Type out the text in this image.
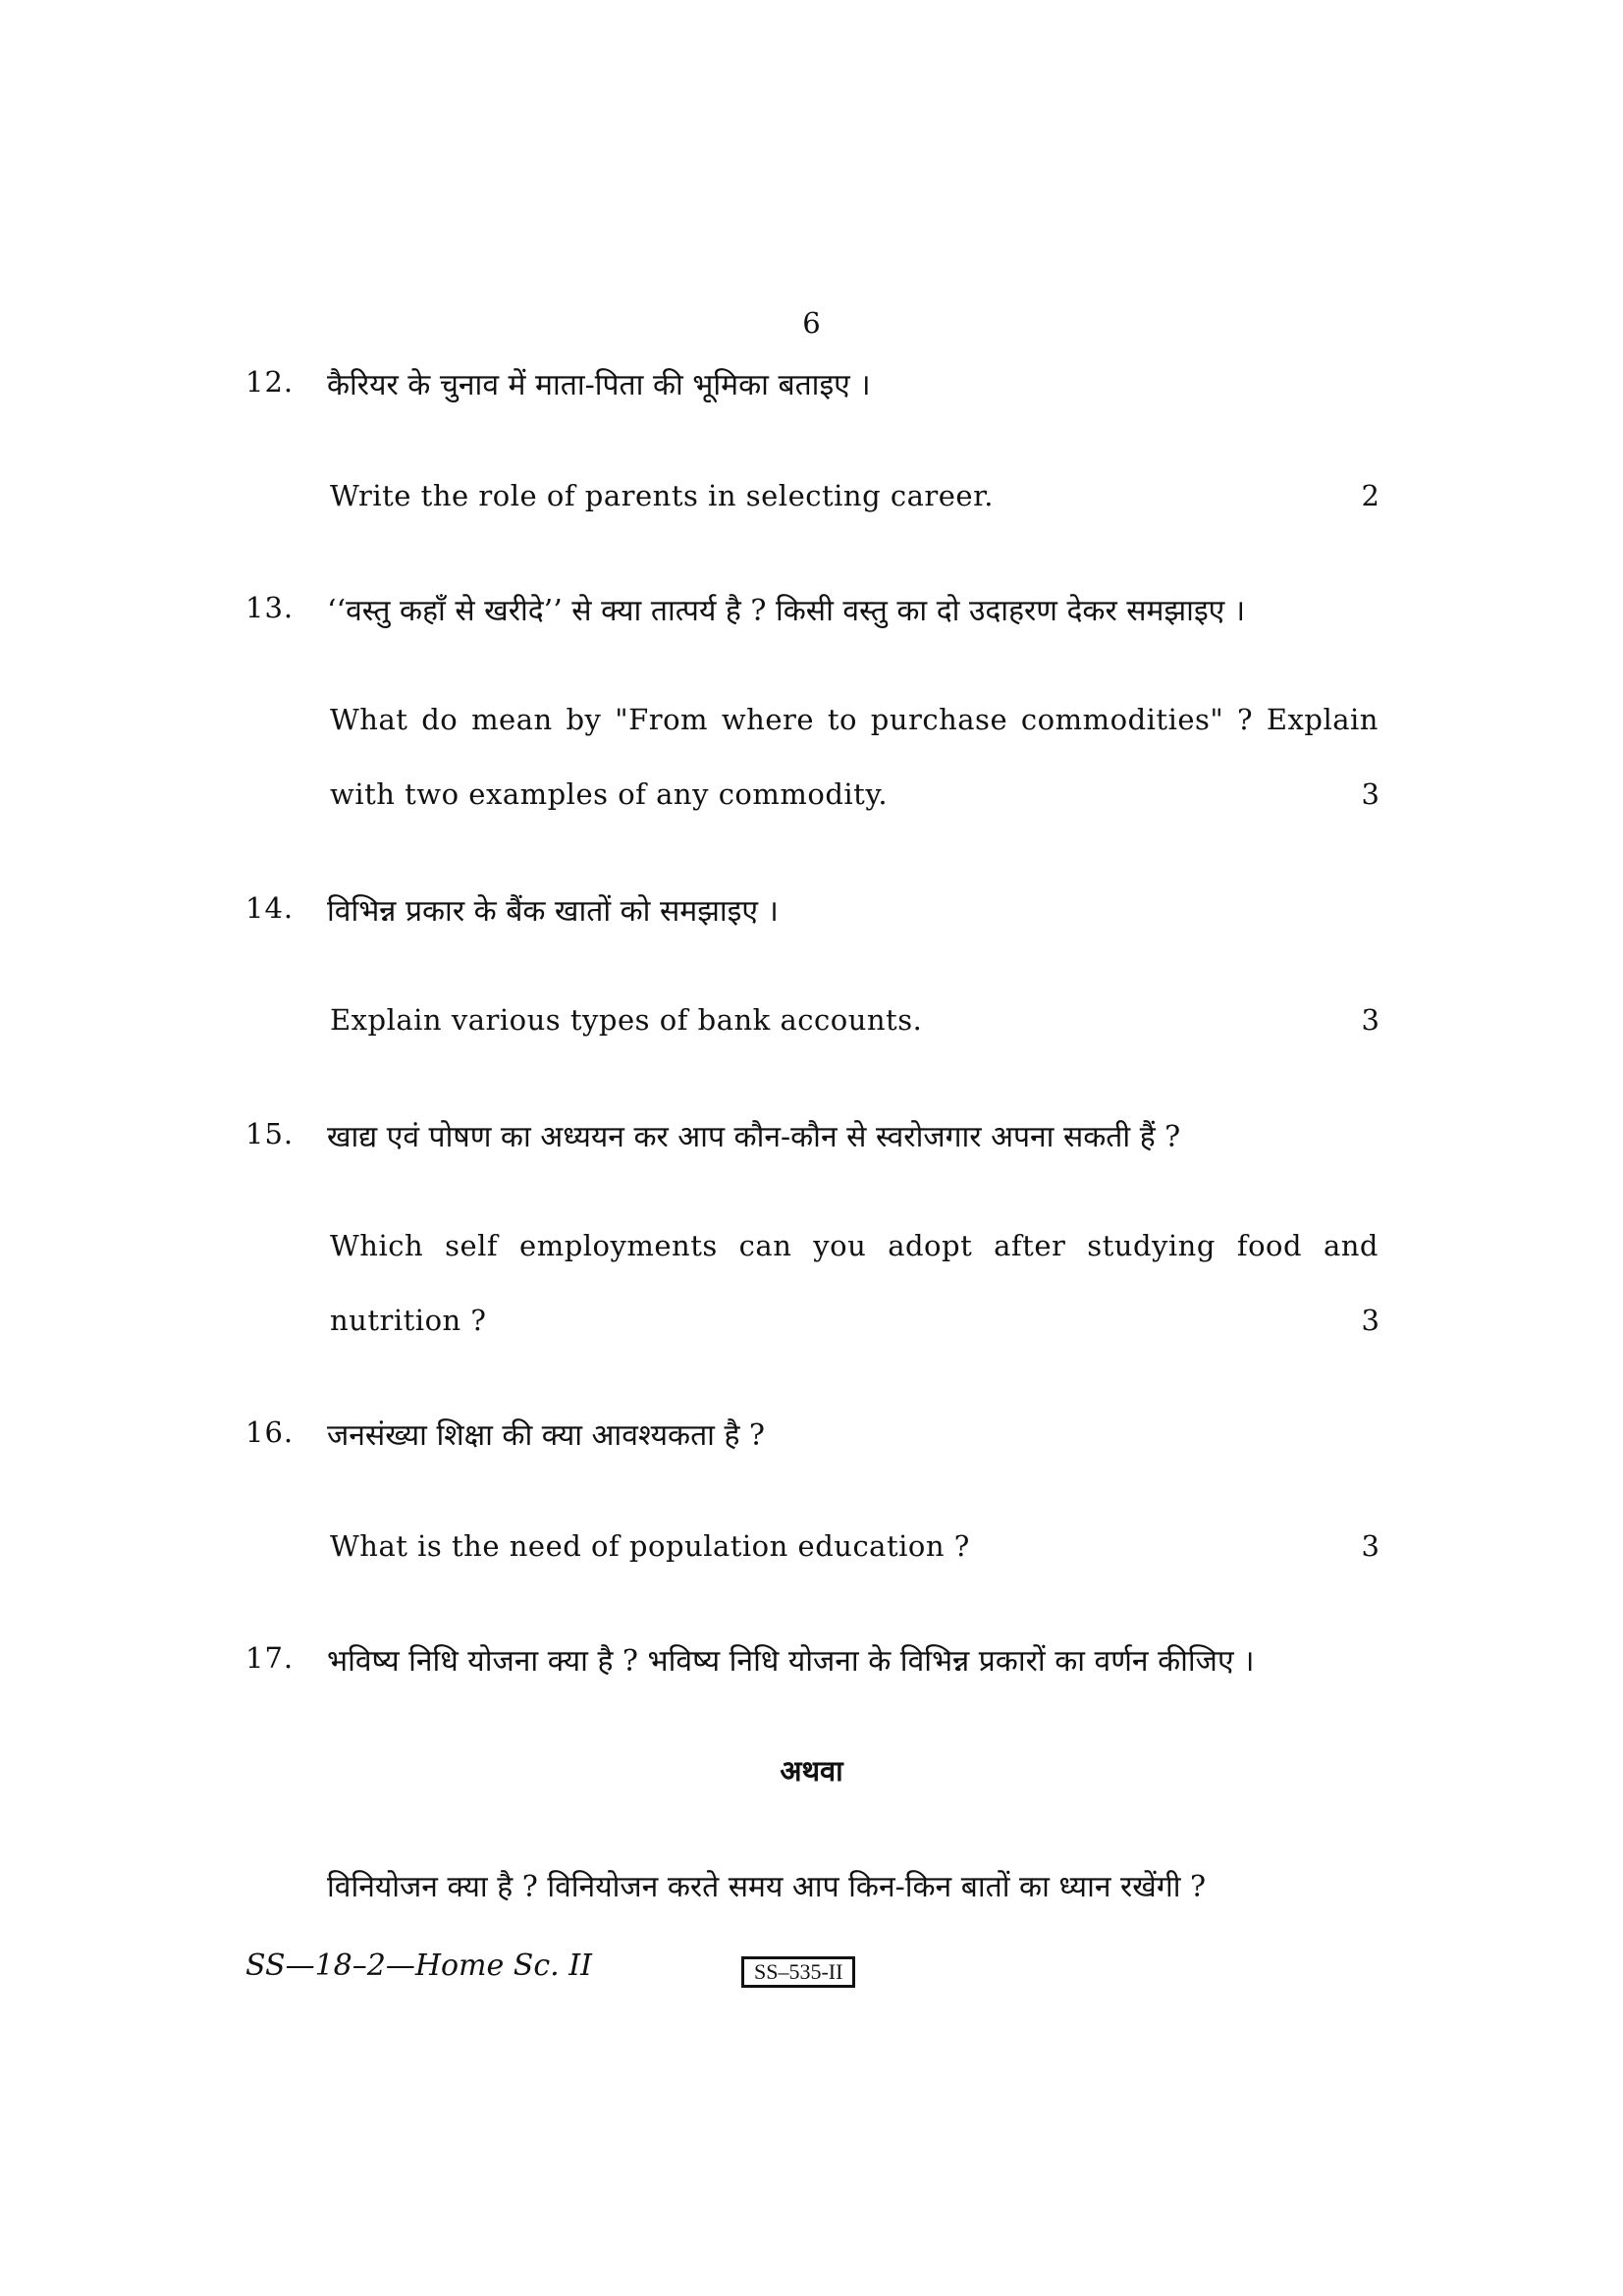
6
12. कैरियर के चुनाव में माता-पिता की भूमिका बताइए ।
Write the role of parents in selecting career.	2
13. ‘‘वस्तु कहाँ से खरीदे’’ से क्या तात्पर्य है ? किसी वस्तु का दो उदाहरण देकर समझाइए ।
What do mean by "From where to purchase commodities" ? Explain
with two examples of any commodity.	3
14. विभिन्न प्रकार के बैंक खातों को समझाइए ।
Explain various types of bank accounts.	3
15. खाद्य एवं पोषण का अध्ययन कर आप कौन-कौन से स्वरोजगार अपना सकती हैं ?
Which self employments can you adopt after studying food and
nutrition ?	3
16. जनसंख्या शिक्षा की क्या आवश्यकता है ?
What is the need of population education ?	3
17. भविष्य निधि योजना क्या है ? भविष्य निधि योजना के विभिन्न प्रकारों का वर्णन कीजिए ।
अथवा
विनियोजन क्या है ? विनियोजन करते समय आप किन-किन बातों का ध्यान रखेंगी ?
SS—18–2—Home Sc. II	SS–535-II
